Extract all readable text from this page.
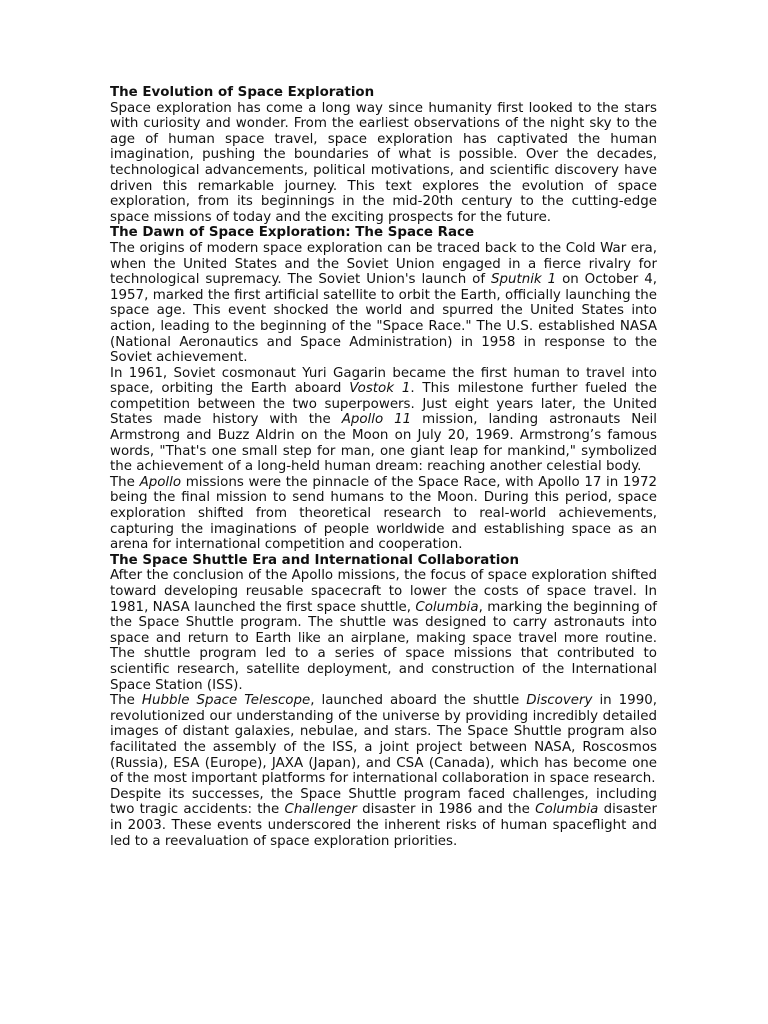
The Evolution of Space Exploration

Space exploration has come a long way since humanity first looked to the stars with curiosity and wonder. From the earliest observations of the night sky to the age of human space travel, space exploration has captivated the human imagination, pushing the boundaries of what is possible. Over the decades, technological advancements, political motivations, and scientific discovery have driven this remarkable journey. This text explores the evolution of space exploration, from its beginnings in the mid-20th century to the cutting-edge space missions of today and the exciting prospects for the future.

The Dawn of Space Exploration: The Space Race

The origins of modern space exploration can be traced back to the Cold War era, when the United States and the Soviet Union engaged in a fierce rivalry for technological supremacy. The Soviet Union's launch of Sputnik 1 on October 4, 1957, marked the first artificial satellite to orbit the Earth, officially launching the space age. This event shocked the world and spurred the United States into action, leading to the beginning of the "Space Race." The U.S. established NASA (National Aeronautics and Space Administration) in 1958 in response to the Soviet achievement.

In 1961, Soviet cosmonaut Yuri Gagarin became the first human to travel into space, orbiting the Earth aboard Vostok 1. This milestone further fueled the competition between the two superpowers. Just eight years later, the United States made history with the Apollo 11 mission, landing astronauts Neil Armstrong and Buzz Aldrin on the Moon on July 20, 1969. Armstrong’s famous words, "That's one small step for man, one giant leap for mankind," symbolized the achievement of a long-held human dream: reaching another celestial body.

The Apollo missions were the pinnacle of the Space Race, with Apollo 17 in 1972 being the final mission to send humans to the Moon. During this period, space exploration shifted from theoretical research to real-world achievements, capturing the imaginations of people worldwide and establishing space as an arena for international competition and cooperation.

The Space Shuttle Era and International Collaboration

After the conclusion of the Apollo missions, the focus of space exploration shifted toward developing reusable spacecraft to lower the costs of space travel. In 1981, NASA launched the first space shuttle, Columbia, marking the beginning of the Space Shuttle program. The shuttle was designed to carry astronauts into space and return to Earth like an airplane, making space travel more routine. The shuttle program led to a series of space missions that contributed to scientific research, satellite deployment, and construction of the International Space Station (ISS).

The Hubble Space Telescope, launched aboard the shuttle Discovery in 1990, revolutionized our understanding of the universe by providing incredibly detailed images of distant galaxies, nebulae, and stars. The Space Shuttle program also facilitated the assembly of the ISS, a joint project between NASA, Roscosmos (Russia), ESA (Europe), JAXA (Japan), and CSA (Canada), which has become one of the most important platforms for international collaboration in space research.

Despite its successes, the Space Shuttle program faced challenges, including two tragic accidents: the Challenger disaster in 1986 and the Columbia disaster in 2003. These events underscored the inherent risks of human spaceflight and led to a reevaluation of space exploration priorities.
